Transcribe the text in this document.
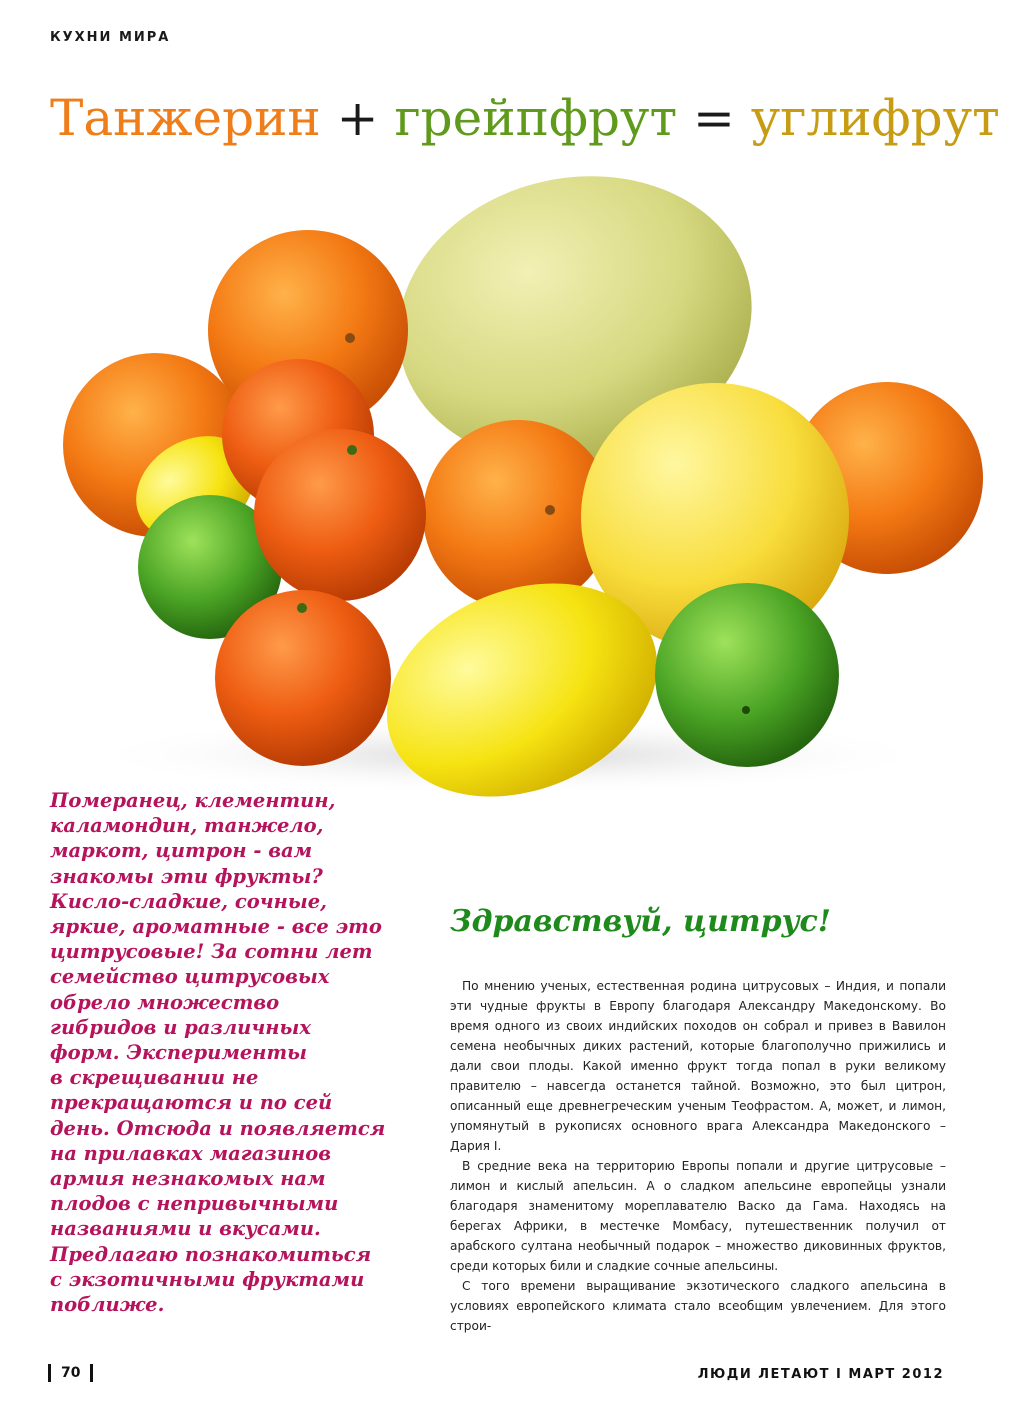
КУХНИ МИРА
Танжерин + грейпфрут = углифрут
Померанец, клементин,
каламондин, танжело,
маркот, цитрон - вам
знакомы эти фрукты?
Кисло-сладкие, сочные,
яркие, ароматные - все это
цитрусовые! За сотни лет
семейство цитрусовых
обрело множество
гибридов и различных
форм. Эксперименты
в скрещивании не
прекращаются и по сей
день. Отсюда и появляется
на прилавках магазинов
армия незнакомых нам
плодов с непривычными
названиями и вкусами.
Предлагаю познакомиться
с экзотичными фруктами
поближе.
Здравствуй, цитрус!

По мнению ученых, естественная родина цитрусовых – Индия, и попали эти чудные фрукты в Европу благодаря Александру Македонскому. Во время одного из своих индийских походов он собрал и привез в Вавилон семена необычных диких растений, которые благополучно прижились и дали свои плоды. Какой именно фрукт тогда попал в руки великому правителю – навсегда останется тайной. Возможно, это был цитрон, описанный еще древнегреческим ученым Теофрастом. А, может, и лимон, упомянутый в рукописях основного врага Александра Македонского – Дария I.

В средние века на территорию Европы попали и другие цитрусовые – лимон и кислый апельсин. А о сладком апельсине европейцы узнали благодаря знаменитому мореплавателю Васко да Гама. Находясь на берегах Африки, в местечке Момбасу, путешественник получил от арабского султана необычный подарок – множество диковинных фруктов, среди которых били и сладкие сочные апельсины.

С того времени выращивание экзотического сладкого апельсина в условиях европейского климата стало всеобщим увлечением. Для этого строи-

70	ЛЮДИ ЛЕТАЮТ I МАРТ 2012
